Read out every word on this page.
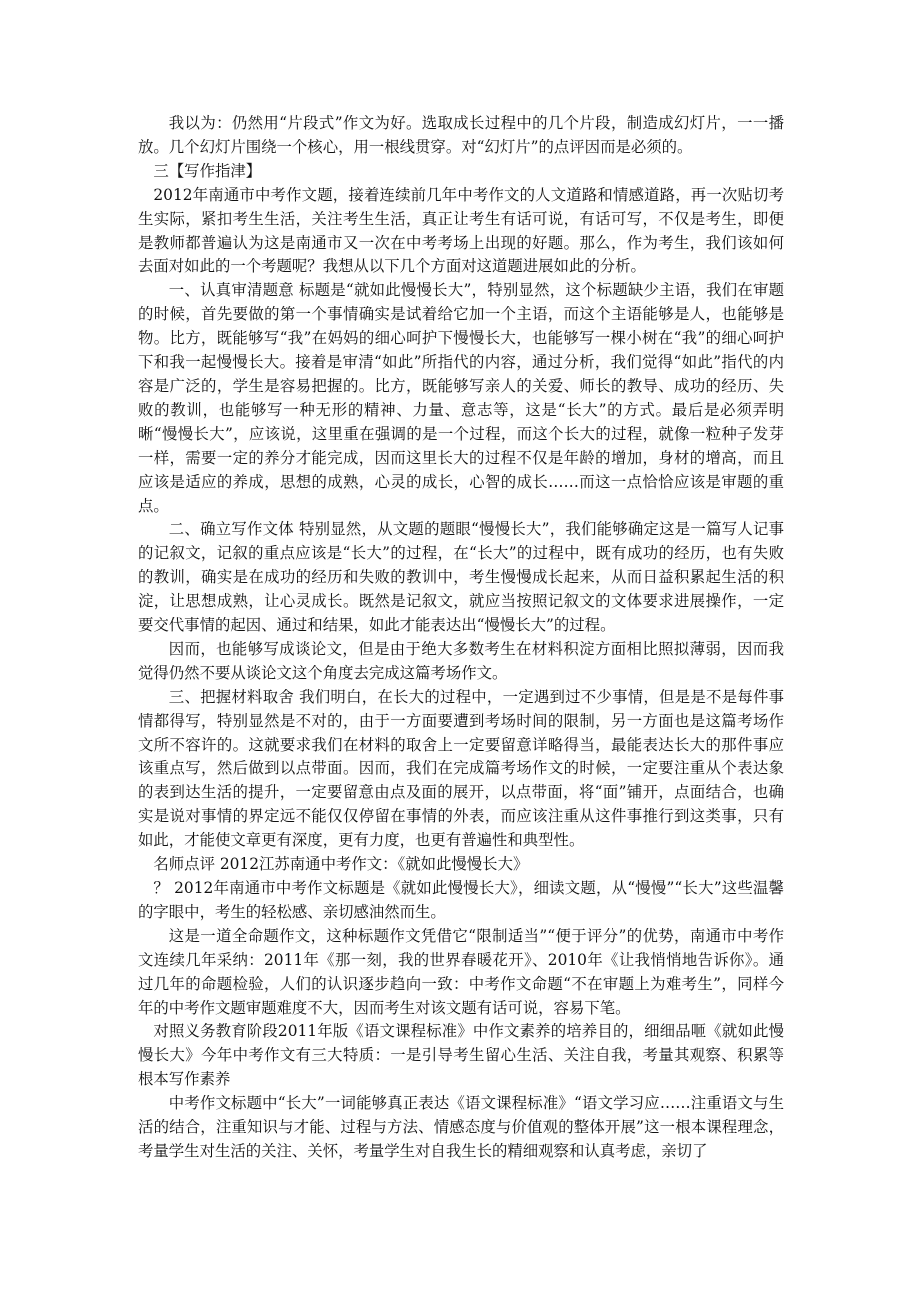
我以为：仍然用“片段式”作文为好。选取成长过程中的几个片段，制造成幻灯片，一一播放。几个幻灯片围绕一个核心，用一根线贯穿。对“幻灯片”的点评因而是必须的。

三【写作指津】

2012年南通市中考作文题，接着连续前几年中考作文的人文道路和情感道路，再一次贴切考生实际，紧扣考生生活，关注考生生活，真正让考生有话可说，有话可写，不仅是考生，即便是教师都普遍认为这是南通市又一次在中考考场上出现的好题。那么，作为考生，我们该如何去面对如此的一个考题呢？我想从以下几个方面对这道题进展如此的分析。

一、认真审清题意 标题是“就如此慢慢长大”，特别显然，这个标题缺少主语，我们在审题的时候，首先要做的第一个事情确实是试着给它加一个主语，而这个主语能够是人，也能够是物。比方，既能够写“我”在妈妈的细心呵护下慢慢长大，也能够写一棵小树在“我”的细心呵护下和我一起慢慢长大。接着是审清“如此”所指代的内容，通过分析，我们觉得“如此”指代的内容是广泛的，学生是容易把握的。比方，既能够写亲人的关爱、师长的教导、成功的经历、失败的教训，也能够写一种无形的精神、力量、意志等，这是“长大”的方式。最后是必须弄明晰“慢慢长大”，应该说，这里重在强调的是一个过程，而这个长大的过程，就像一粒种子发芽一样，需要一定的养分才能完成，因而这里长大的过程不仅是年龄的增加，身材的增高，而且应该是适应的养成，思想的成熟，心灵的成长，心智的成长……而这一点恰恰应该是审题的重点。

二、确立写作文体 特别显然，从文题的题眼“慢慢长大”，我们能够确定这是一篇写人记事的记叙文，记叙的重点应该是“长大”的过程，在“长大”的过程中，既有成功的经历，也有失败的教训，确实是在成功的经历和失败的教训中，考生慢慢成长起来，从而日益积累起生活的积淀，让思想成熟，让心灵成长。既然是记叙文，就应当按照记叙文的文体要求进展操作，一定要交代事情的起因、通过和结果，如此才能表达出“慢慢长大”的过程。

因而，也能够写成谈论文，但是由于绝大多数考生在材料积淀方面相比照拟薄弱，因而我觉得仍然不要从谈论文这个角度去完成这篇考场作文。

三、把握材料取舍 我们明白，在长大的过程中，一定遇到过不少事情，但是是不是每件事情都得写，特别显然是不对的，由于一方面要遭到考场时间的限制，另一方面也是这篇考场作文所不容许的。这就要求我们在材料的取舍上一定要留意详略得当，最能表达长大的那件事应该重点写，然后做到以点带面。因而，我们在完成篇考场作文的时候，一定要注重从个表达象的表到达生活的提升，一定要留意由点及面的展开，以点带面，将“面”铺开，点面结合，也确实是说对事情的界定远不能仅仅停留在事情的外表，而应该注重从这件事推行到这类事，只有如此，才能使文章更有深度，更有力度，也更有普遍性和典型性。

名师点评 2012江苏南通中考作文：《就如此慢慢长大》

？ 2012年南通市中考作文标题是《就如此慢慢长大》，细读文题，从“慢慢”“长大”这些温馨的字眼中，考生的轻松感、亲切感油然而生。

这是一道全命题作文，这种标题作文凭借它“限制适当”“便于评分”的优势，南通市中考作文连续几年采纳：2011年《那一刻，我的世界春暖花开》、2010年《让我悄悄地告诉你》。通过几年的命题检验，人们的认识逐步趋向一致：中考作文命题“不在审题上为难考生”，同样今年的中考作文题审题难度不大，因而考生对该文题有话可说，容易下笔。

对照义务教育阶段2011年版《语文课程标准》中作文素养的培养目的，细细品咂《就如此慢慢长大》今年中考作文有三大特质：一是引导考生留心生活、关注自我，考量其观察、积累等根本写作素养

中考作文标题中“长大”一词能够真正表达《语文课程标准》“语文学习应……注重语文与生活的结合，注重知识与才能、过程与方法、情感态度与价值观的整体开展”这一根本课程理念，考量学生对生活的关注、关怀，考量学生对自我生长的精细观察和认真考虑，亲切了
